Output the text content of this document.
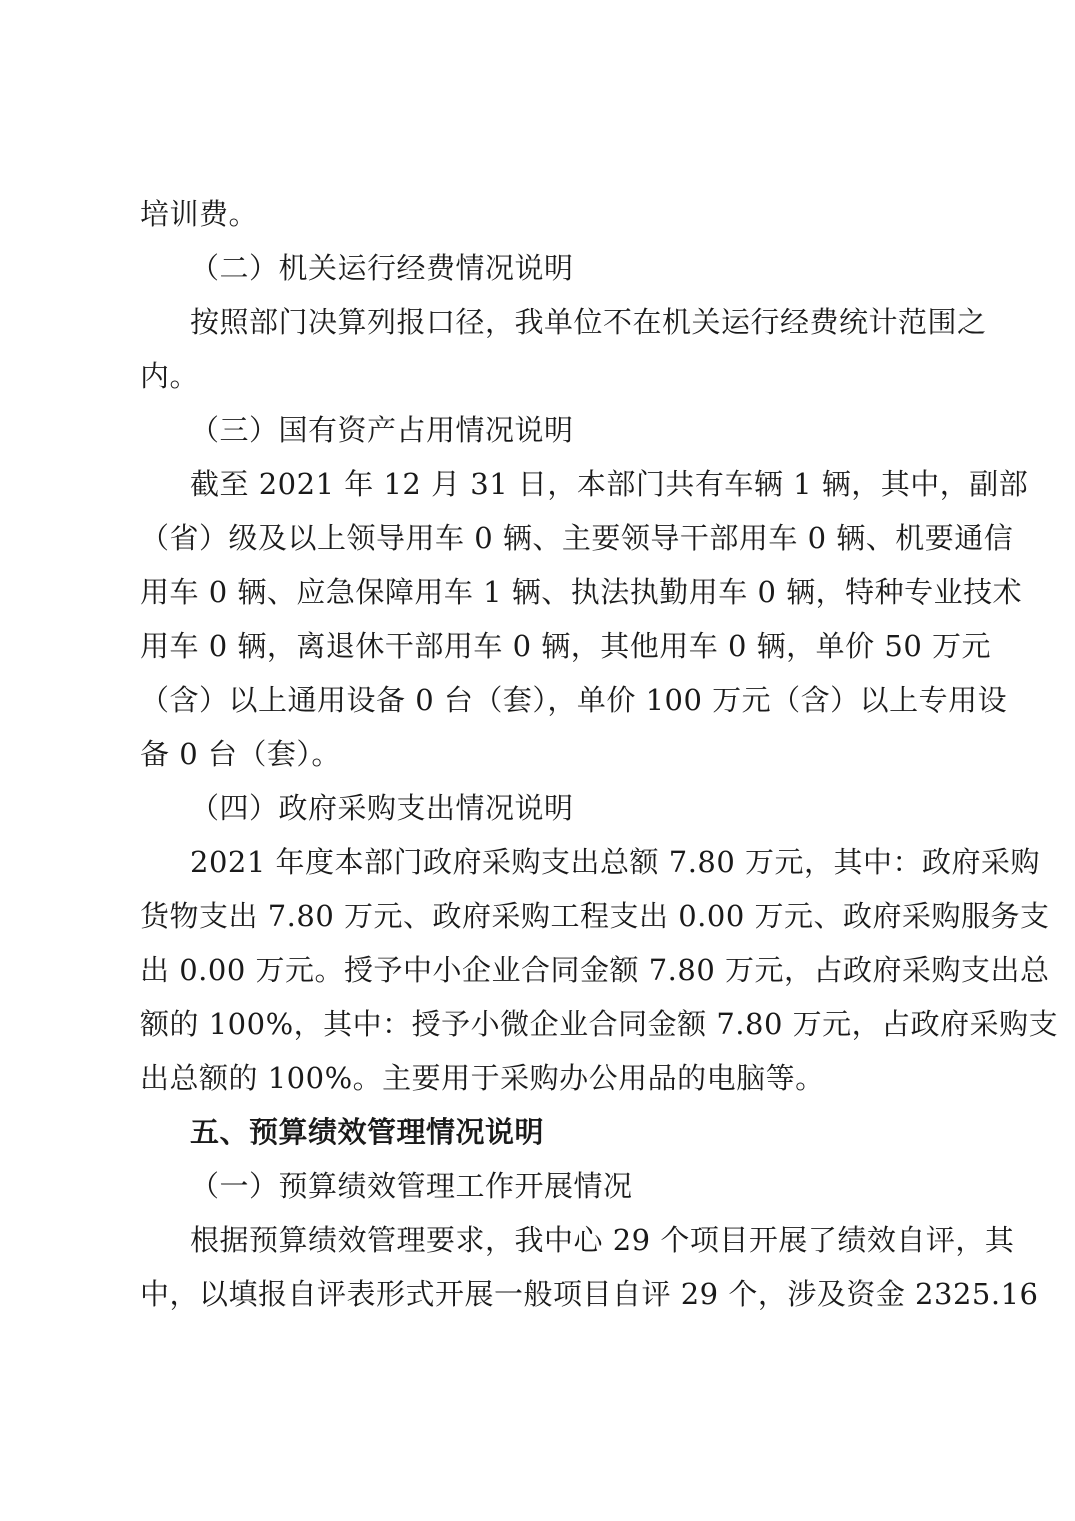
培训费。
（二）机关运行经费情况说明
按照部门决算列报口径，我单位不在机关运行经费统计范围之
内。
（三）国有资产占用情况说明
截至 2021 年 12 月 31 日，本部门共有车辆 1 辆，其中，副部
（省）级及以上领导用车 0 辆、主要领导干部用车 0 辆、机要通信
用车 0 辆、应急保障用车 1 辆、执法执勤用车 0 辆，特种专业技术
用车 0 辆，离退休干部用车 0 辆，其他用车 0 辆，单价 50 万元
（含）以上通用设备 0 台（套），单价 100 万元（含）以上专用设
备 0 台（套）。
（四）政府采购支出情况说明
2021 年度本部门政府采购支出总额 7.80 万元，其中：政府采购
货物支出 7.80 万元、政府采购工程支出 0.00 万元、政府采购服务支
出 0.00 万元。授予中小企业合同金额 7.80 万元，占政府采购支出总
额的 100%，其中：授予小微企业合同金额 7.80 万元，占政府采购支
出总额的 100%。主要用于采购办公用品的电脑等。
五、预算绩效管理情况说明
（一）预算绩效管理工作开展情况
根据预算绩效管理要求，我中心 29 个项目开展了绩效自评，其
中，以填报自评表形式开展一般项目自评 29 个，涉及资金 2325.16
